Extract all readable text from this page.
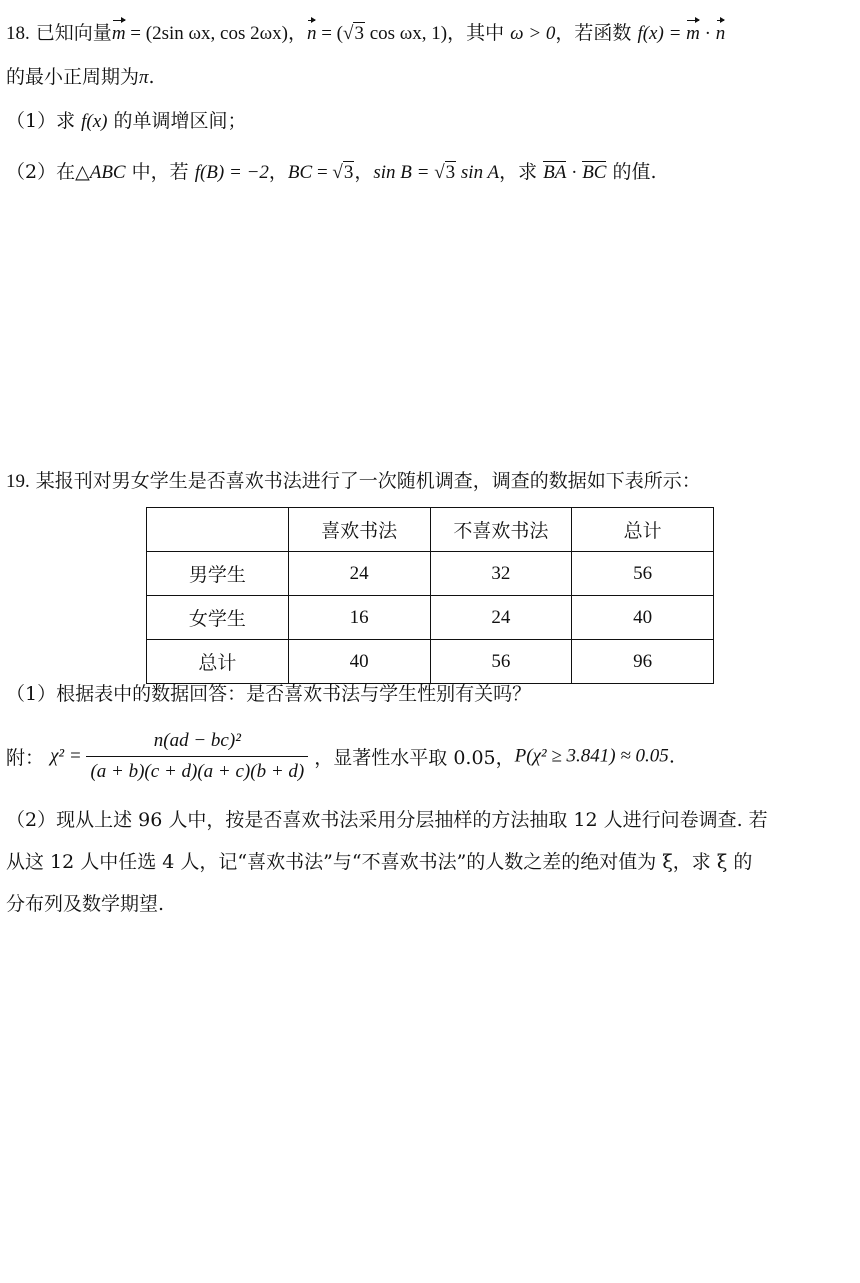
18. 已知向量m = (2sin ωx, cos 2ωx)，n = (√3 cos ωx, 1)，其中 ω > 0，若函数 f(x) = m · n
的最小正周期为π.
（1）求 f(x) 的单调增区间；
（2）在△ABC 中，若 f(B) = −2，BC = √3，sin B = √3 sin A，求 BA · BC 的值.
19. 某报刊对男女学生是否喜欢书法进行了一次随机调查，调查的数据如下表所示：
	喜欢书法	不喜欢书法	总计
男学生	24	32	56
女学生	16	24	40
总计	40	56	96
（1）根据表中的数据回答：是否喜欢书法与学生性别有关吗？
附： $\chi^2 = \frac{\text{n(ad − bc)²}}{(a + b)(c + d)(a + c)(b + d)}$ ，显著性水平取 0.05，P(χ² ≥ 3.841) ≈ 0.05.
（2）现从上述 96 人中，按是否喜欢书法采用分层抽样的方法抽取 12 人进行问卷调查. 若
从这 12 人中任选 4 人，记“喜欢书法”与“不喜欢书法”的人数之差的绝对值为 ξ，求 ξ 的
分布列及数学期望.
